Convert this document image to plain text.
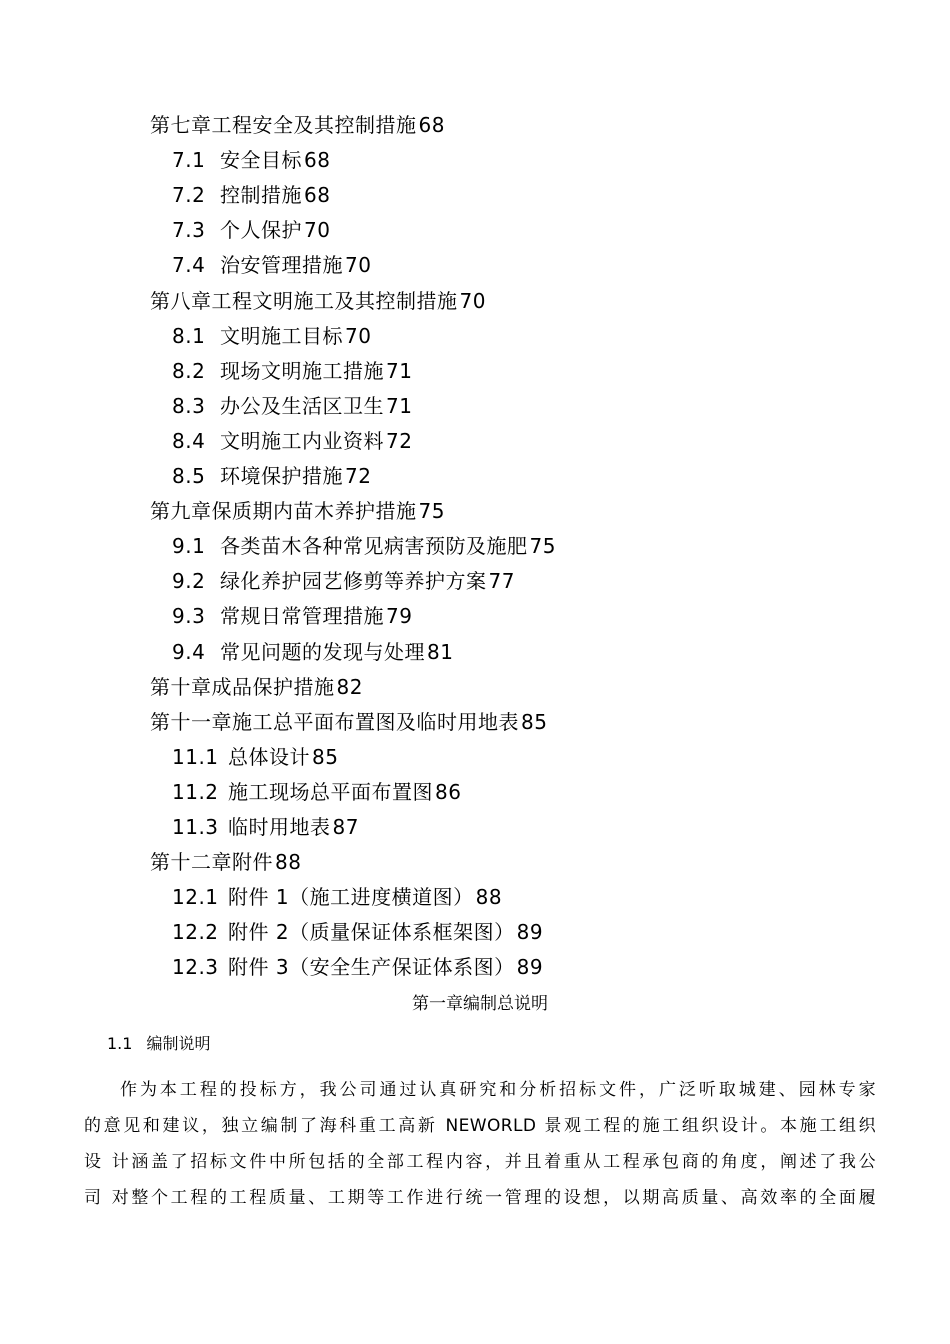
第七章工程安全及其控制措施 68
7.1 安全目标 68
7.2 控制措施 68
7.3 个人保护 70
7.4 治安管理措施 70
第八章工程文明施工及其控制措施 70
8.1 文明施工目标 70
8.2 现场文明施工措施 71
8.3 办公及生活区卫生 71
8.4 文明施工内业资料 72
8.5 环境保护措施 72
第九章保质期内苗木养护措施 75
9.1 各类苗木各种常见病害预防及施肥 75
9.2 绿化养护园艺修剪等养护方案 77
9.3 常规日常管理措施 79
9.4 常见问题的发现与处理 81
第十章成品保护措施 82
第十一章施工总平面布置图及临时用地表 85
11.1 总体设计 85
11.2 施工现场总平面布置图 86
11.3 临时用地表 87
第十二章附件 88
12.1 附件 1（施工进度横道图） 88
12.2 附件 2（质量保证体系框架图） 89
12.3 附件 3（安全生产保证体系图） 89
第一章编制总说明
1.1 编制说明
作为本工程的投标方，我公司通过认真研究和分析招标文件，广泛听取城建、园林专家
的意见和建议，独立编制了海科重工高新 NEWORLD 景观工程的施工组织设计。本施工组织
设 计涵盖了招标文件中所包括的全部工程内容，并且着重从工程承包商的角度，阐述了我公
司 对整个工程的工程质量、工期等工作进行统一管理的设想，以期高质量、高效率的全面履
